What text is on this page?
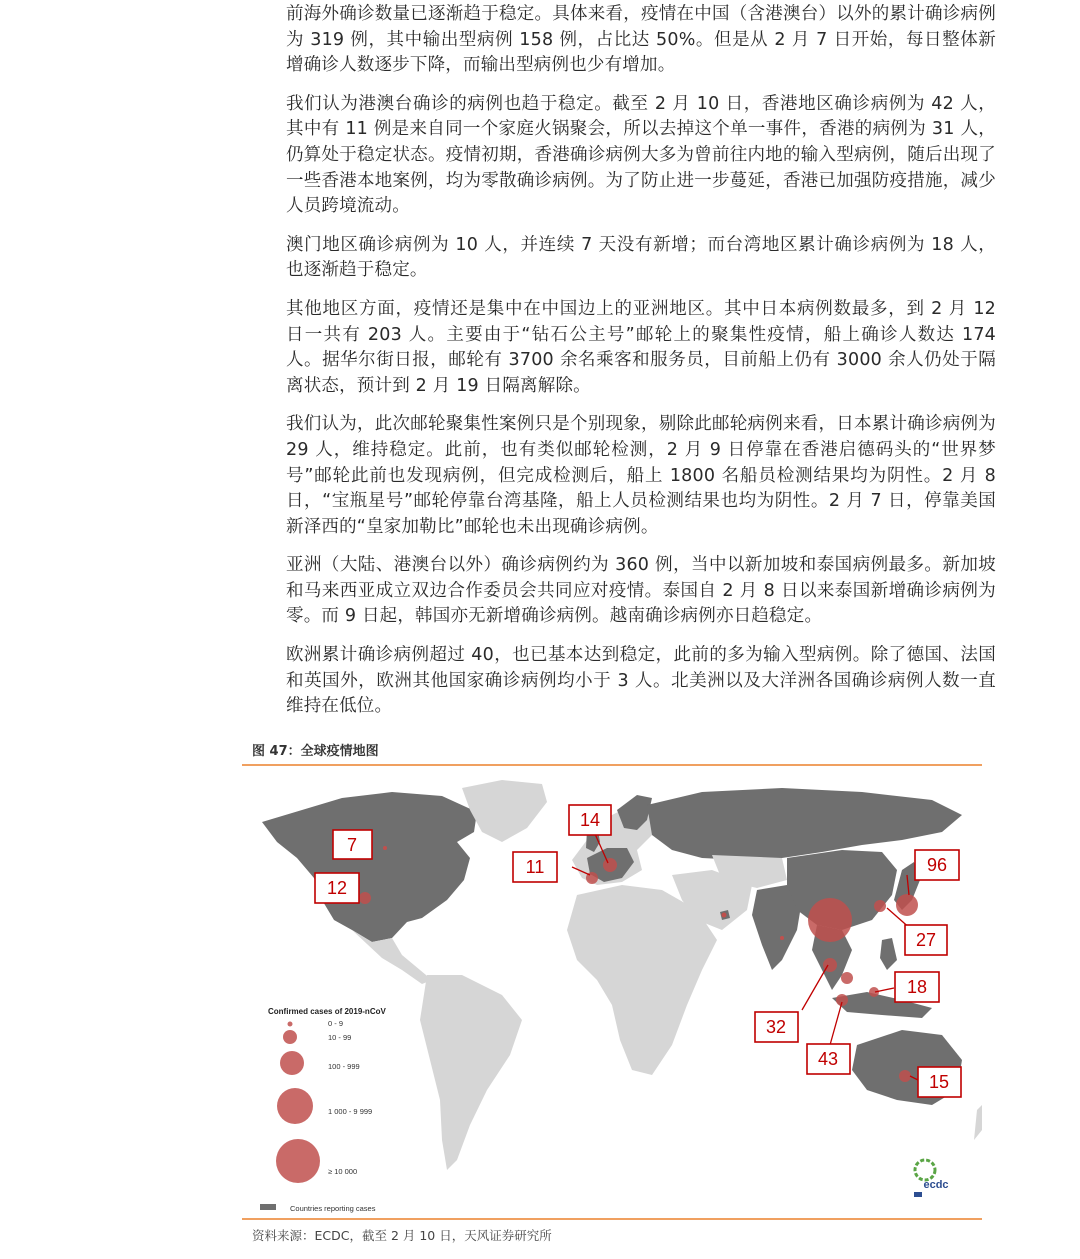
前海外确诊数量已逐渐趋于稳定。具体来看，疫情在中国（含港澳台）以外的累计确诊病例为 319 例，其中输出型病例 158 例，占比达 50%。但是从 2 月 7 日开始，每日整体新增确诊人数逐步下降，而输出型病例也少有增加。

我们认为港澳台确诊的病例也趋于稳定。截至 2 月 10 日，香港地区确诊病例为 42 人，其中有 11 例是来自同一个家庭火锅聚会，所以去掉这个单一事件，香港的病例为 31 人，仍算处于稳定状态。疫情初期，香港确诊病例大多为曾前往内地的输入型病例，随后出现了一些香港本地案例，均为零散确诊病例。为了防止进一步蔓延，香港已加强防疫措施，减少人员跨境流动。

澳门地区确诊病例为 10 人，并连续 7 天没有新增；而台湾地区累计确诊病例为 18 人，也逐渐趋于稳定。

其他地区方面，疫情还是集中在中国边上的亚洲地区。其中日本病例数最多，到 2 月 12 日一共有 203 人。主要由于“钻石公主号”邮轮上的聚集性疫情，船上确诊人数达 174 人。据华尔街日报，邮轮有 3700 余名乘客和服务员，目前船上仍有 3000 余人仍处于隔离状态，预计到 2 月 19 日隔离解除。

我们认为，此次邮轮聚集性案例只是个别现象，剔除此邮轮病例来看，日本累计确诊病例为 29 人，维持稳定。此前，也有类似邮轮检测，2 月 9 日停靠在香港启德码头的“世界梦号”邮轮此前也发现病例，但完成检测后，船上 1800 名船员检测结果均为阴性。2 月 8 日，“宝瓶星号”邮轮停靠台湾基隆，船上人员检测结果也均为阴性。2 月 7 日，停靠美国新泽西的“皇家加勒比”邮轮也未出现确诊病例。

亚洲（大陆、港澳台以外）确诊病例约为 360 例，当中以新加坡和泰国病例最多。新加坡和马来西亚成立双边合作委员会共同应对疫情。泰国自 2 月 8 日以来泰国新增确诊病例为零。而 9 日起，韩国亦无新增确诊病例。越南确诊病例亦日趋稳定。

欧洲累计确诊病例超过 40，也已基本达到稳定，此前的多为输入型病例。除了德国、法国和英国外，欧洲其他国家确诊病例均小于 3 人。北美洲以及大洋洲各国确诊病例人数一直维持在低位。

图 47：全球疫情地图
7
12
14
11	96
27
18
32
43
15
Confirmed cases of 2019-nCoV
0 - 9
10 - 99
100 - 999
1 000 - 9 999
≥ 10 000
Countries reporting cases
ecdc
资料来源：ECDC，截至 2 月 10 日，天风证券研究所
